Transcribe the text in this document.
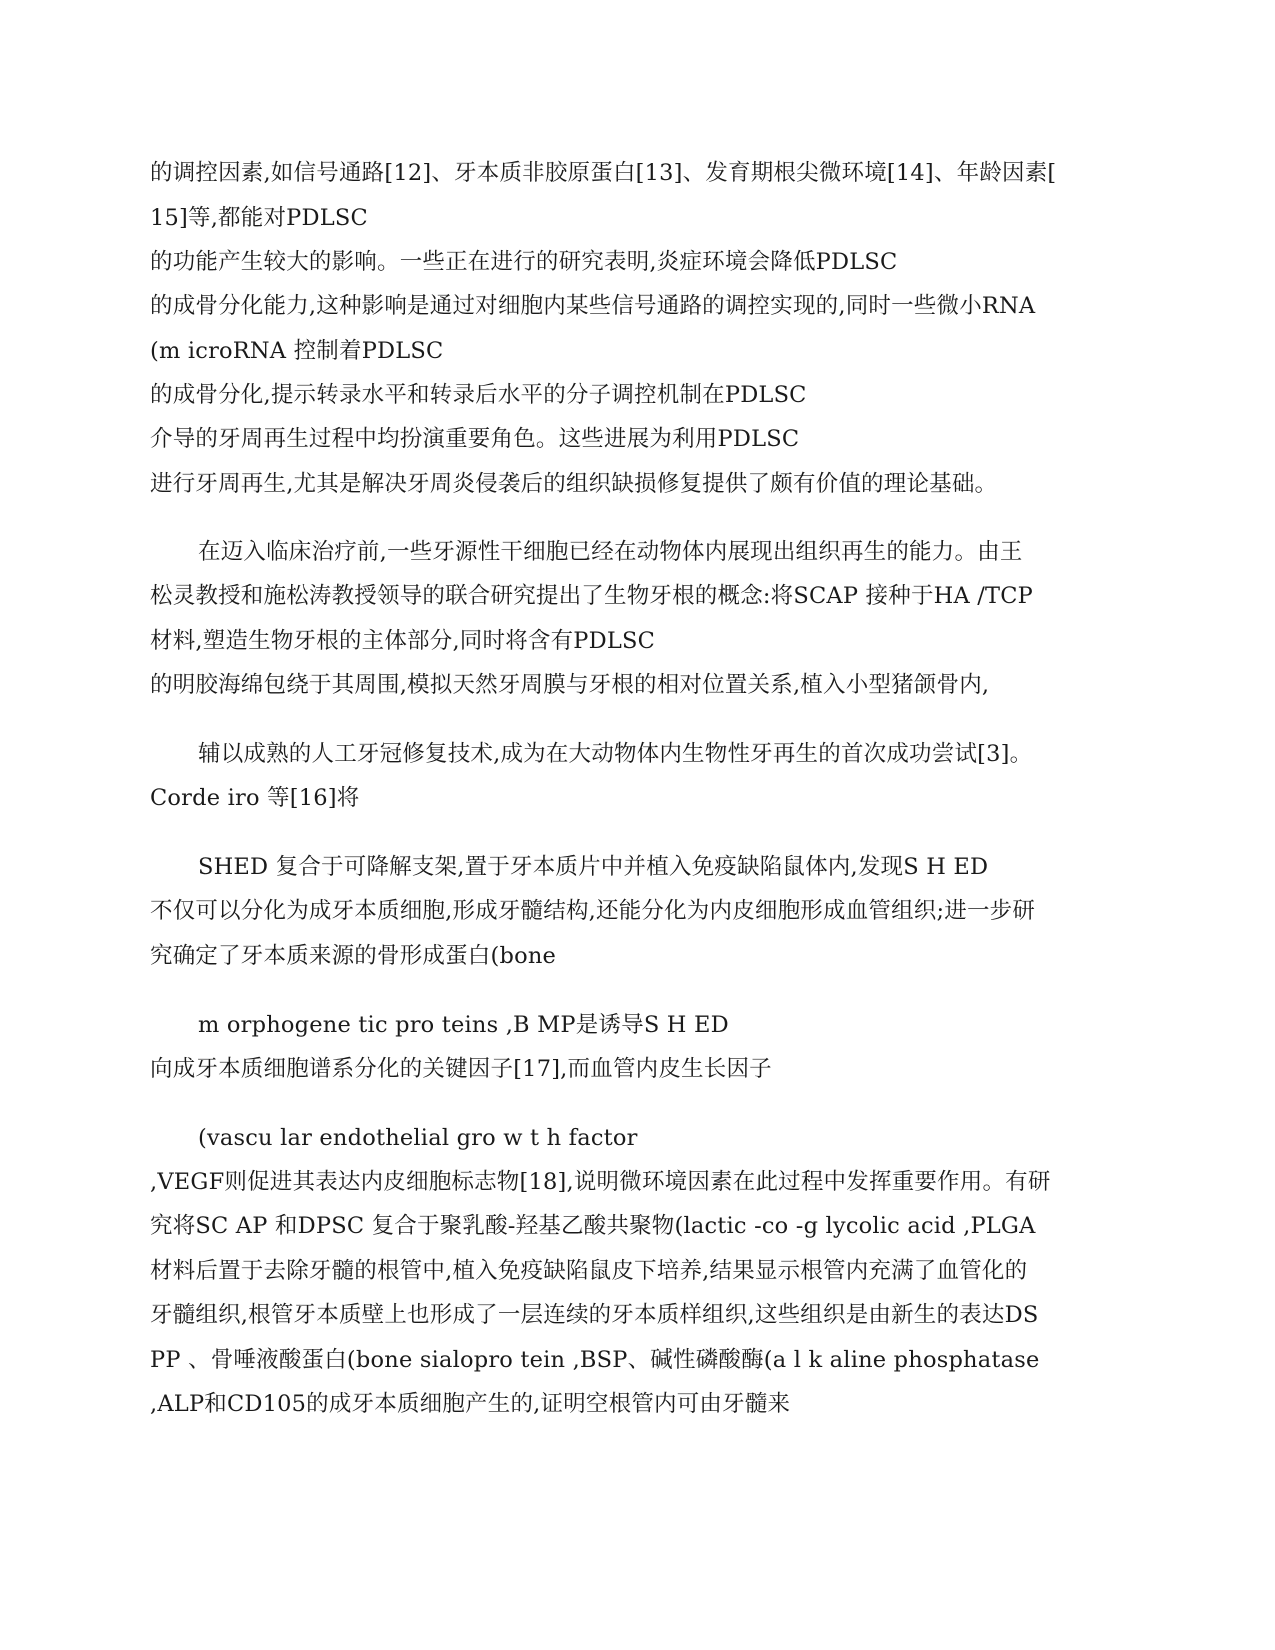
的调控因素,如信号通路[12]、牙本质非胶原蛋白[13]、发育期根尖微环境[14]、年龄因素[
15]等,都能对PDLSC
的功能产生较大的影响。一些正在进行的研究表明,炎症环境会降低PDLSC
的成骨分化能力,这种影响是通过对细胞内某些信号通路的调控实现的,同时一些微小RNA
(m icroRNA 控制着PDLSC
的成骨分化,提示转录水平和转录后水平的分子调控机制在PDLSC
介导的牙周再生过程中均扮演重要角色。这些进展为利用PDLSC
进行牙周再生,尤其是解决牙周炎侵袭后的组织缺损修复提供了颇有价值的理论基础。
在迈入临床治疗前,一些牙源性干细胞已经在动物体内展现出组织再生的能力。由王
松灵教授和施松涛教授领导的联合研究提出了生物牙根的概念:将SCAP 接种于HA /TCP
材料,塑造生物牙根的主体部分,同时将含有PDLSC
的明胶海绵包绕于其周围,模拟天然牙周膜与牙根的相对位置关系,植入小型猪颌骨内,
辅以成熟的人工牙冠修复技术,成为在大动物体内生物性牙再生的首次成功尝试[3]。
Corde iro 等[16]将
SHED 复合于可降解支架,置于牙本质片中并植入免疫缺陷鼠体内,发现S H ED
不仅可以分化为成牙本质细胞,形成牙髓结构,还能分化为内皮细胞形成血管组织;进一步研
究确定了牙本质来源的骨形成蛋白(bone
m orphogene tic pro teins ,B MP是诱导S H ED
向成牙本质细胞谱系分化的关键因子[17],而血管内皮生长因子
(vascu lar endothelial gro w t h factor
,VEGF则促进其表达内皮细胞标志物[18],说明微环境因素在此过程中发挥重要作用。有研
究将SC AP 和DPSC 复合于聚乳酸-羟基乙酸共聚物(lactic -co -g lycolic acid ,PLGA
材料后置于去除牙髓的根管中,植入免疫缺陷鼠皮下培养,结果显示根管内充满了血管化的
牙髓组织,根管牙本质壁上也形成了一层连续的牙本质样组织,这些组织是由新生的表达DS
PP 、骨唾液酸蛋白(bone sialopro tein ,BSP、碱性磷酸酶(a l k aline phosphatase
,ALP和CD105的成牙本质细胞产生的,证明空根管内可由牙髓来
